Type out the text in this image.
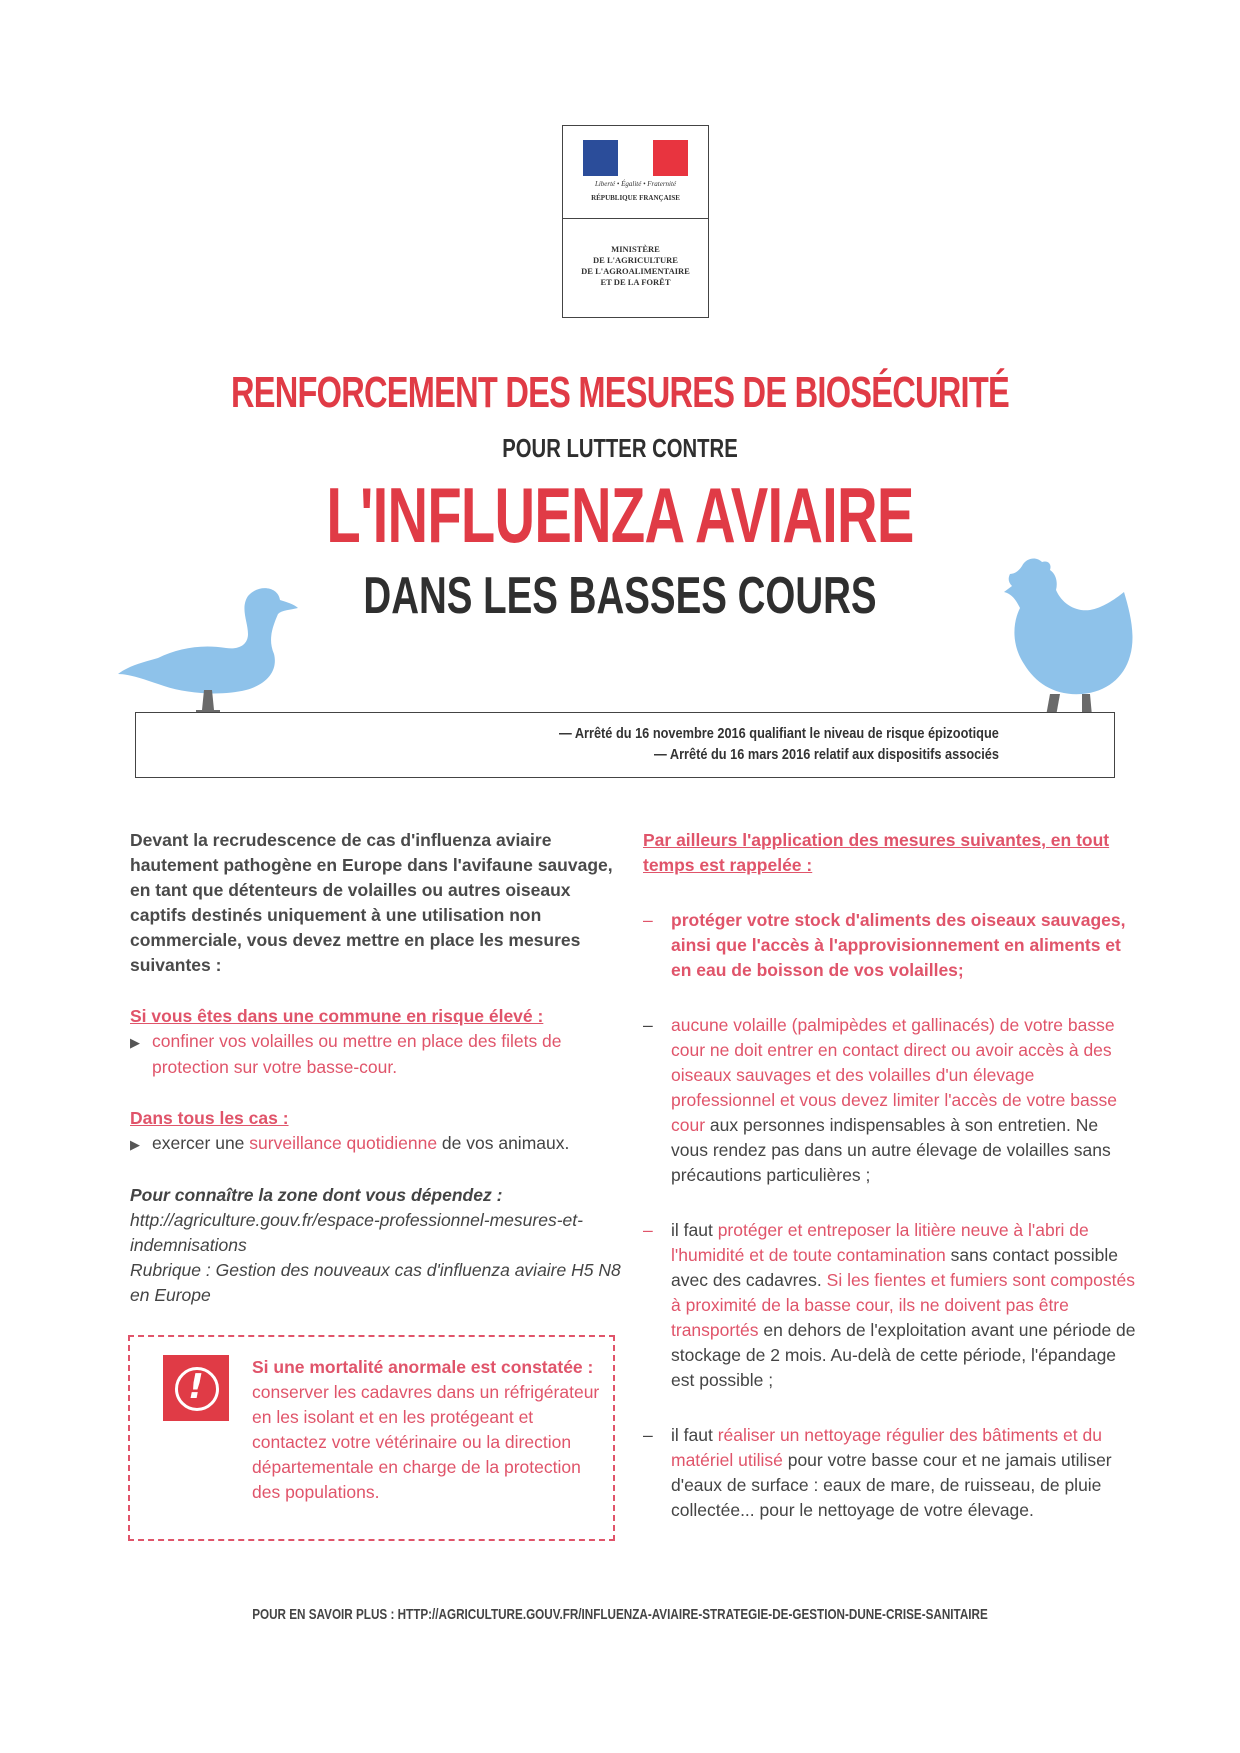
Liberté • Égalité • Fraternité
RÉPUBLIQUE FRANÇAISE
MINISTÈRE
DE L'AGRICULTURE
DE L'AGROALIMENTAIRE
ET DE LA FORÊT
RENFORCEMENT DES MESURES DE BIOSÉCURITÉ
POUR LUTTER CONTRE
L'INFLUENZA AVIAIRE
DANS LES BASSES COURS
— Arrêté du 16 novembre 2016 qualifiant le niveau de risque épizootique
— Arrêté du 16 mars 2016 relatif aux dispositifs associés

Devant la recrudescence de cas d'influenza aviaire hautement pathogène en Europe dans l'avifaune sauvage, en tant que détenteurs de volailles ou autres oiseaux captifs destinés uniquement à une utilisation non commerciale, vous devez mettre en place les mesures suivantes :

Si vous êtes dans une commune en risque élevé :

▶ confiner vos volailles ou mettre en place des filets de protection sur votre basse-cour.

Dans tous les cas :

▶ exercer une surveillance quotidienne de vos animaux.

Pour connaître la zone dont vous dépendez :
http://agriculture.gouv.fr/espace-professionnel-mesures-et-indemnisations
Rubrique : Gestion des nouveaux cas d'influenza aviaire H5 N8 en Europe

!	Si une mortalité anormale est constatée : conserver les cadavres dans un réfrigérateur en les isolant et en les protégeant et contactez votre vétérinaire ou la direction départementale en charge de la protection des populations.

Par ailleurs l'application des mesures suivantes, en tout temps est rappelée :

– protéger votre stock d'aliments des oiseaux sauvages, ainsi que l'accès à l'approvisionnement en aliments et en eau de boisson de vos volailles;

– aucune volaille (palmipèdes et gallinacés) de votre basse cour ne doit entrer en contact direct ou avoir accès à des oiseaux sauvages et des volailles d'un élevage professionnel et vous devez limiter l'accès de votre basse cour aux personnes indispensables à son entretien. Ne vous rendez pas dans un autre élevage de volailles sans précautions particulières ;

– il faut protéger et entreposer la litière neuve à l'abri de l'humidité et de toute contamination sans contact possible avec des cadavres. Si les fientes et fumiers sont compostés à proximité de la basse cour, ils ne doivent pas être transportés en dehors de l'exploitation avant une période de stockage de 2 mois. Au-delà de cette période, l'épandage est possible ;

– il faut réaliser un nettoyage régulier des bâtiments et du matériel utilisé pour votre basse cour et ne jamais utiliser d'eaux de surface : eaux de mare, de ruisseau, de pluie collectée... pour le nettoyage de votre élevage.

POUR EN SAVOIR PLUS : HTTP://AGRICULTURE.GOUV.FR/INFLUENZA-AVIAIRE-STRATEGIE-DE-GESTION-DUNE-CRISE-SANITAIRE
